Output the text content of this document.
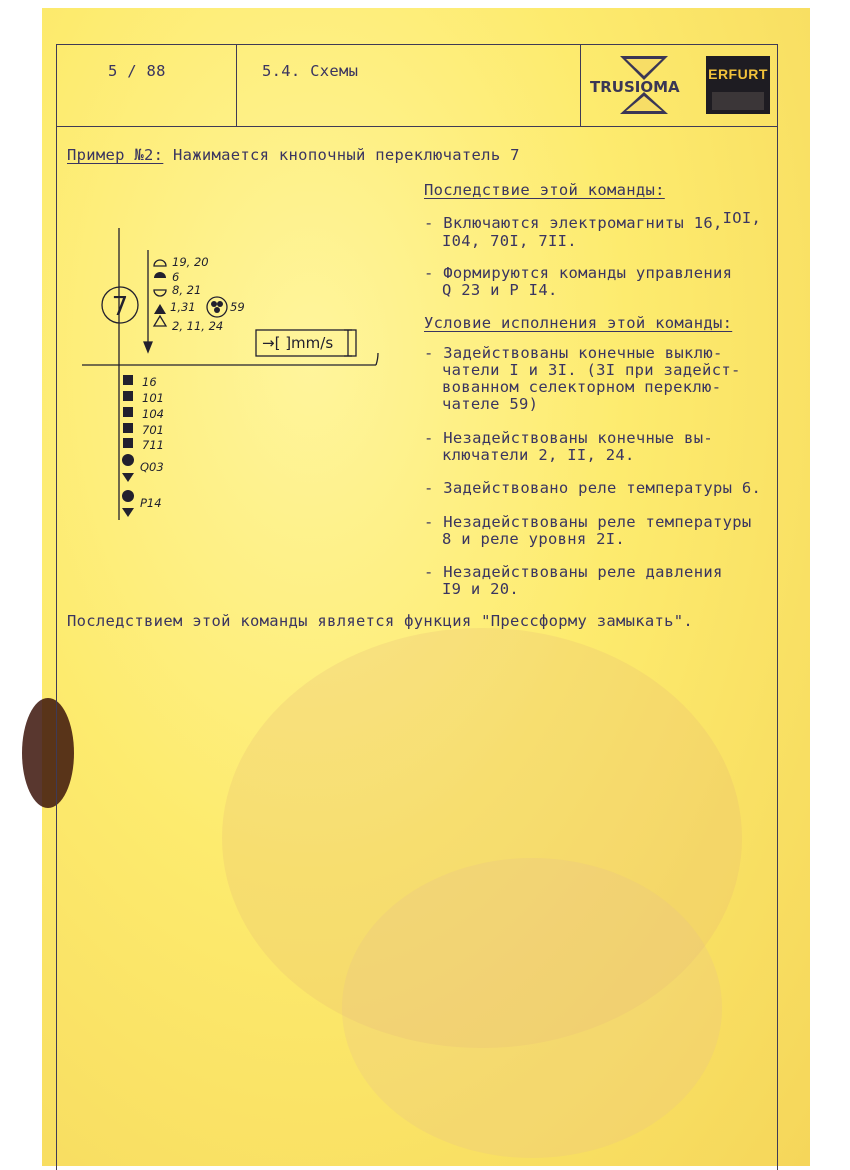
5 / 88	5.4. Схемы
TRUSIOMA
ERFURT
Пример №2: Нажимается кнопочный переключатель 7
7
→[ ]mm/s
19, 20
6
8, 21
1,31	59
2, 11, 24
16
101
104
701
711
Q03
P14
Последствие этой команды:
- Включаются электромагниты 16,IOI,
I04, 70I, 7II.
- Формируются команды управления
Q 23 и P I4.
Условие исполнения этой команды:
- Задействованы конечные выклю-
чатели I и 3I. (3I при задейст-
вованном селекторном переклю-
чателе 59)
- Незадействованы конечные вы-
ключатели 2, II, 24.
- Задействовано реле температуры 6.
- Незадействованы реле температуры
8 и реле уровня 2I.
- Незадействованы реле давления
I9 и 20.
Последствием этой команды является функция "Прессформу замыкать".
